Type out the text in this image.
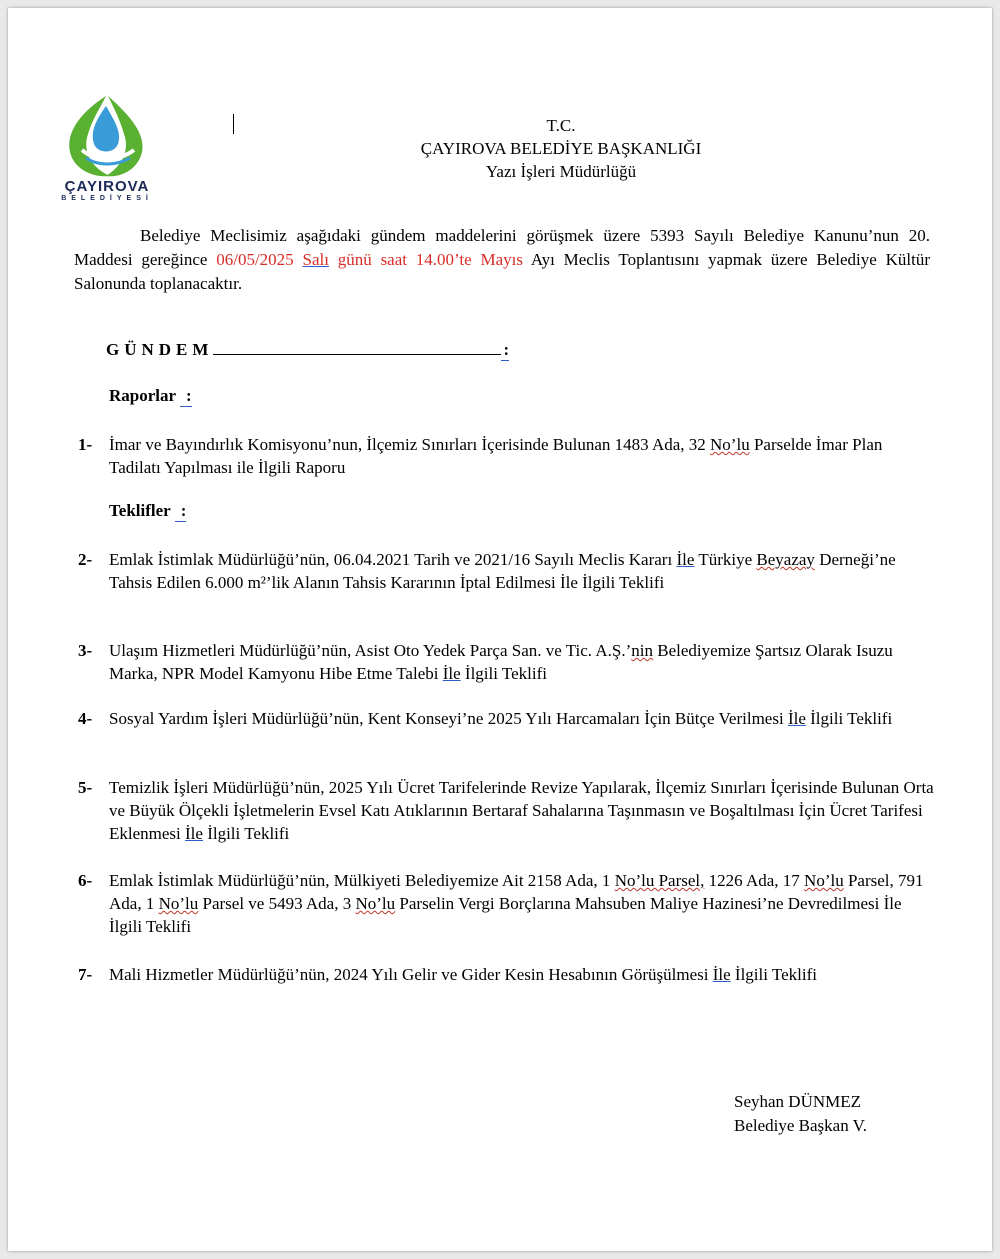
ÇAYIROVA
BELEDİYESİ
T.C.
ÇAYIROVA BELEDİYE BAŞKANLIĞI
Yazı İşleri Müdürlüğü
Belediye Meclisimiz aşağıdaki gündem maddelerini görüşmek üzere 5393 Sayılı Belediye Kanunu’nun 20. Maddesi gereğince 06/05/2025 Salı günü saat 14.00’te Mayıs Ayı Meclis Toplantısını yapmak üzere Belediye Kültür Salonunda toplanacaktır.
GÜNDEM	:
Raporlar :
1- İmar ve Bayındırlık Komisyonu’nun, İlçemiz Sınırları İçerisinde Bulunan 1483 Ada, 32 No’lu Parselde İmar Plan Tadilatı Yapılması ile İlgili Raporu
Teklifler :
2- Emlak İstimlak Müdürlüğü’nün, 06.04.2021 Tarih ve 2021/16 Sayılı Meclis Kararı İle Türkiye Beyazay Derneği’ne Tahsis Edilen 6.000 m²’lik Alanın Tahsis Kararının İptal Edilmesi İle İlgili Teklifi
3- Ulaşım Hizmetleri Müdürlüğü’nün, Asist Oto Yedek Parça San. ve Tic. A.Ş.’nin Belediyemize Şartsız Olarak Isuzu Marka, NPR Model Kamyonu Hibe Etme Talebi İle İlgili Teklifi
4- Sosyal Yardım İşleri Müdürlüğü’nün, Kent Konseyi’ne 2025 Yılı Harcamaları İçin Bütçe Verilmesi İle İlgili Teklifi
5- Temizlik İşleri Müdürlüğü’nün, 2025 Yılı Ücret Tarifelerinde Revize Yapılarak, İlçemiz Sınırları İçerisinde Bulunan Orta ve Büyük Ölçekli İşletmelerin Evsel Katı Atıklarının Bertaraf Sahalarına Taşınmasın ve Boşaltılması İçin Ücret Tarifesi Eklenmesi İle İlgili Teklifi
6- Emlak İstimlak Müdürlüğü’nün, Mülkiyeti Belediyemize Ait 2158 Ada, 1 No’lu Parsel, 1226 Ada, 17 No’lu Parsel, 791 Ada, 1 No’lu Parsel ve 5493 Ada, 3 No’lu Parselin Vergi Borçlarına Mahsuben Maliye Hazinesi’ne Devredilmesi İle İlgili Teklifi
7- Mali Hizmetler Müdürlüğü’nün, 2024 Yılı Gelir ve Gider Kesin Hesabının Görüşülmesi İle İlgili Teklifi
Seyhan DÜNMEZ
Belediye Başkan V.
